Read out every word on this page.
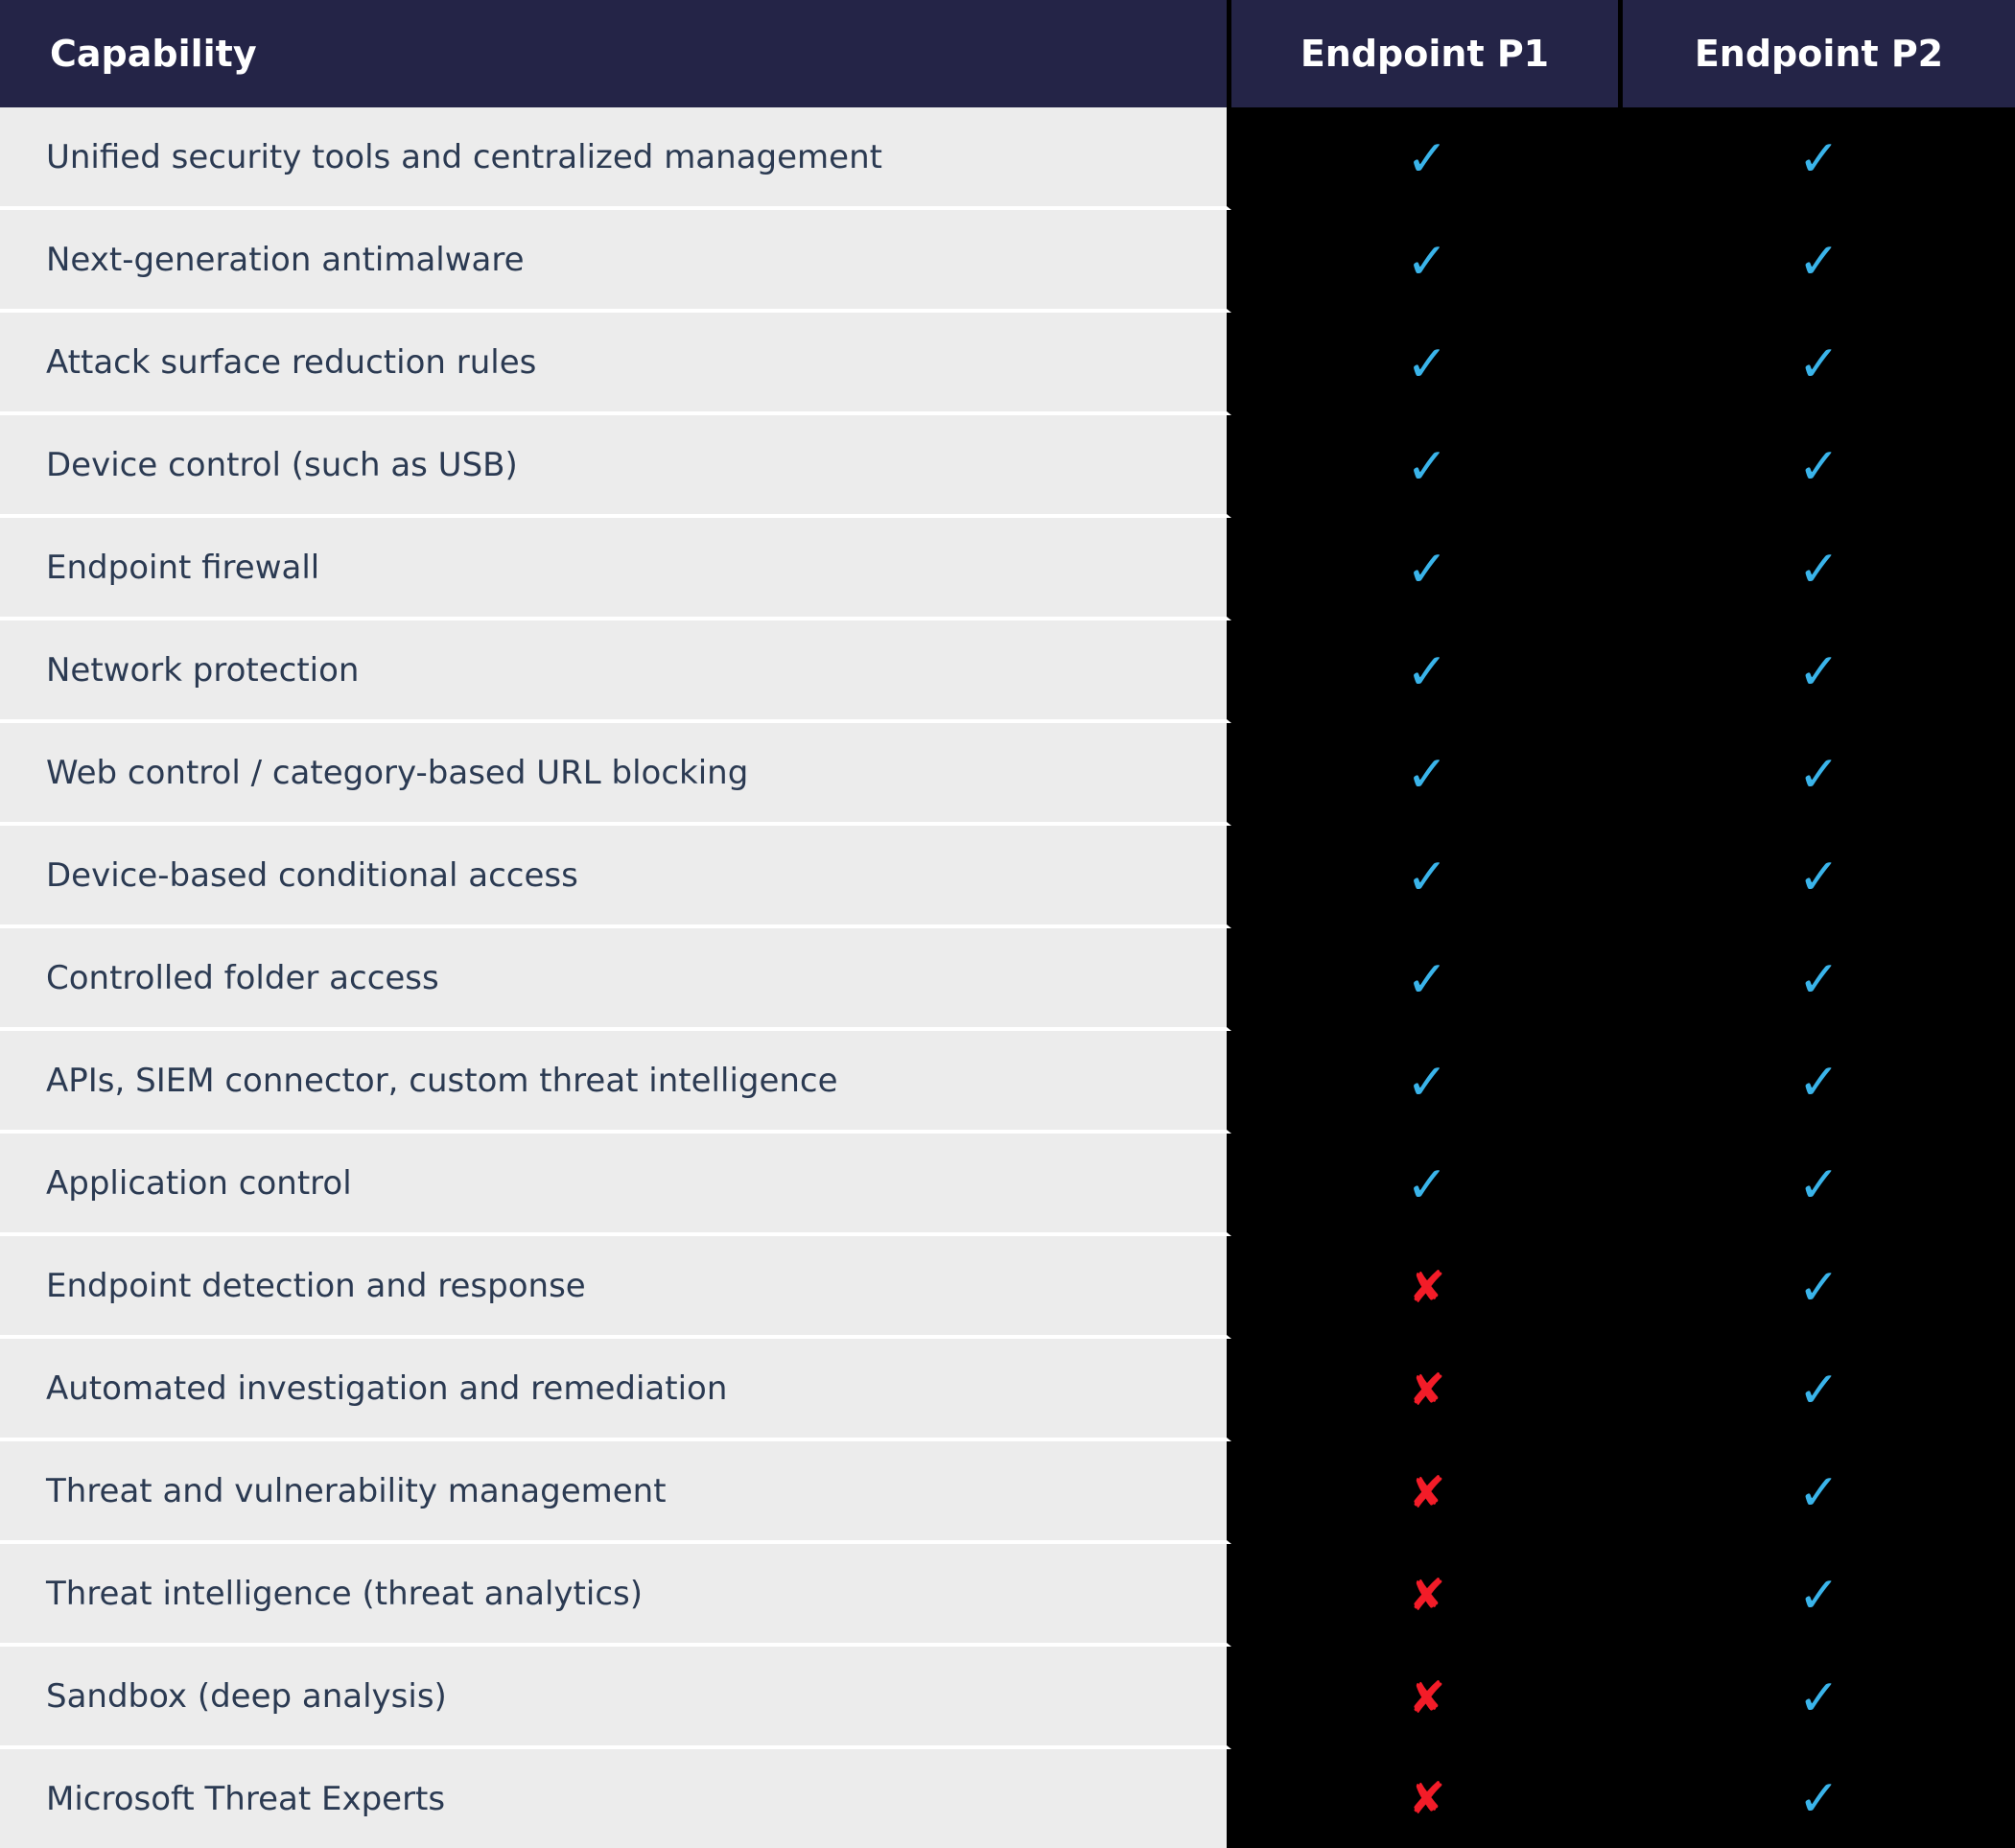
Capability	Endpoint P1	Endpoint P2
Unified security tools and centralized management	✓	✓
Next-generation antimalware	✓	✓
Attack surface reduction rules	✓	✓
Device control (such as USB)	✓	✓
Endpoint firewall	✓	✓
Network protection	✓	✓
Web control / category-based URL blocking	✓	✓
Device-based conditional access	✓	✓
Controlled folder access	✓	✓
APIs, SIEM connector, custom threat intelligence	✓	✓
Application control	✓	✓
Endpoint detection and response	✘	✓
Automated investigation and remediation	✘	✓
Threat and vulnerability management	✘	✓
Threat intelligence (threat analytics)	✘	✓
Sandbox (deep analysis)	✘	✓
Microsoft Threat Experts	✘	✓
